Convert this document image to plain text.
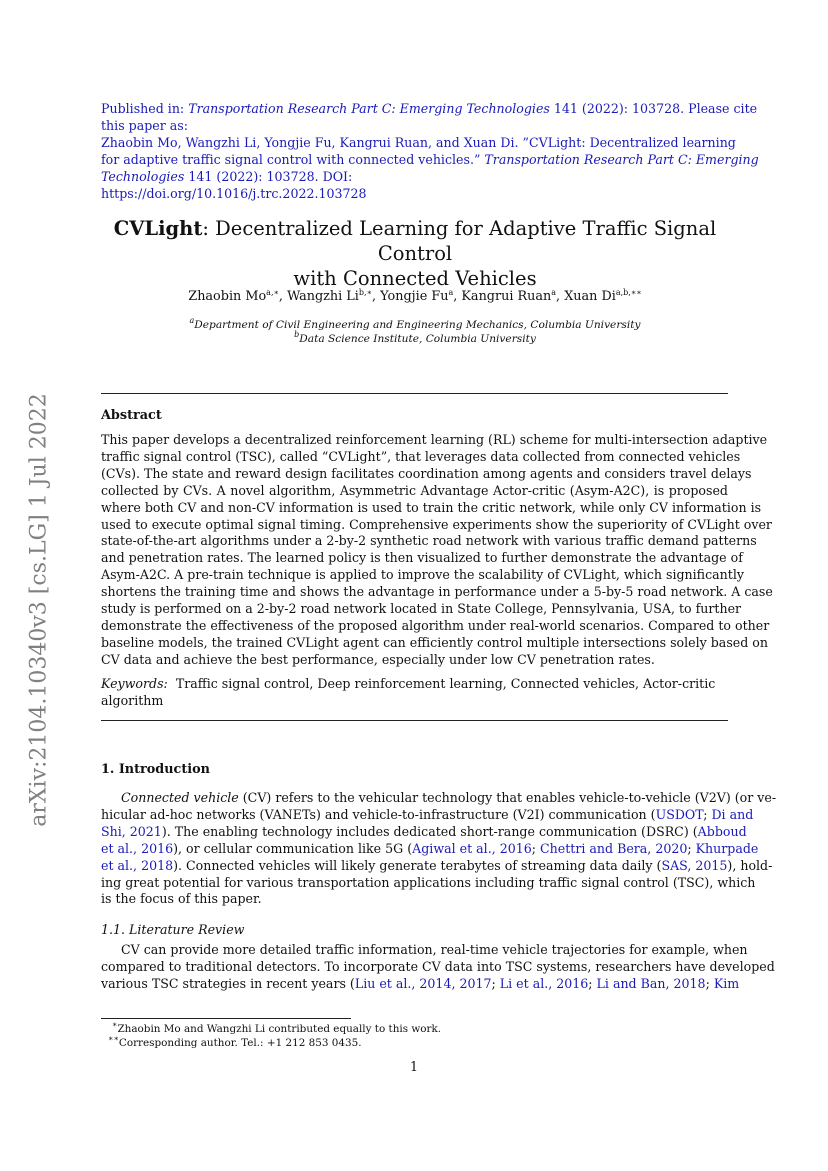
Published in: Transportation Research Part C: Emerging Technologies 141 (2022): 103728. Please cite
this paper as:
Zhaobin Mo, Wangzhi Li, Yongjie Fu, Kangrui Ruan, and Xuan Di. ”CVLight: Decentralized learning
for adaptive traffic signal control with connected vehicles.” Transportation Research Part C: Emerging
Technologies 141 (2022): 103728. DOI:
https://doi.org/10.1016/j.trc.2022.103728
CVLight: Decentralized Learning for Adaptive Traffic Signal Control
with Connected Vehicles
Zhaobin $Mo^{a,∗}$, Wangzhi $Li^{b,∗}$, Yongjie Fu$^a$, Kangrui Ruan$^a$, Xuan $Di^{a,b,∗∗}$
$^a$Department of Civil Engineering and Engineering Mechanics, Columbia University
$^b$Data Science Institute, Columbia University
Abstract
This paper develops a decentralized reinforcement learning (RL) scheme for multi-intersection adaptive
traffic signal control (TSC), called “CVLight”, that leverages data collected from connected vehicles
(CVs). The state and reward design facilitates coordination among agents and considers travel delays
collected by CVs. A novel algorithm, Asymmetric Advantage Actor-critic (Asym-A2C), is proposed
where both CV and non-CV information is used to train the critic network, while only CV information is
used to execute optimal signal timing. Comprehensive experiments show the superiority of CVLight over
state-of-the-art algorithms under a 2-by-2 synthetic road network with various traffic demand patterns
and penetration rates. The learned policy is then visualized to further demonstrate the advantage of
Asym-A2C. A pre-train technique is applied to improve the scalability of CVLight, which significantly
shortens the training time and shows the advantage in performance under a 5-by-5 road network. A case
study is performed on a 2-by-2 road network located in State College, Pennsylvania, USA, to further
demonstrate the effectiveness of the proposed algorithm under real-world scenarios. Compared to other
baseline models, the trained CVLight agent can efficiently control multiple intersections solely based on
CV data and achieve the best performance, especially under low CV penetration rates.
Keywords: Traffic signal control, Deep reinforcement learning, Connected vehicles, Actor-critic
algorithm
1. Introduction
Connected vehicle (CV) refers to the vehicular technology that enables vehicle-to-vehicle (V2V) (or ve-
hicular ad-hoc networks (VANETs) and vehicle-to-infrastructure (V2I) communication (USDOT; Di and
Shi, 2021). The enabling technology includes dedicated short-range communication (DSRC) (Abboud
et al., 2016), or cellular communication like 5G (Agiwal et al., 2016; Chettri and Bera, 2020; Khurpade
et al., 2018). Connected vehicles will likely generate terabytes of streaming data daily (SAS, 2015), hold-
ing great potential for various transportation applications including traffic signal control (TSC), which
is the focus of this paper.
1.1. Literature Review
CV can provide more detailed traffic information, real-time vehicle trajectories for example, when
compared to traditional detectors. To incorporate CV data into TSC systems, researchers have developed
various TSC strategies in recent years (Liu et al., 2014, 2017; Li et al., 2016; Li and Ban, 2018; Kim
∗Zhaobin Mo and Wangzhi Li contributed equally to this work.
∗∗Corresponding author. Tel.: +1 212 853 0435.
1
arXiv:2104.10340v3 [cs.LG] 1 Jul 2022
